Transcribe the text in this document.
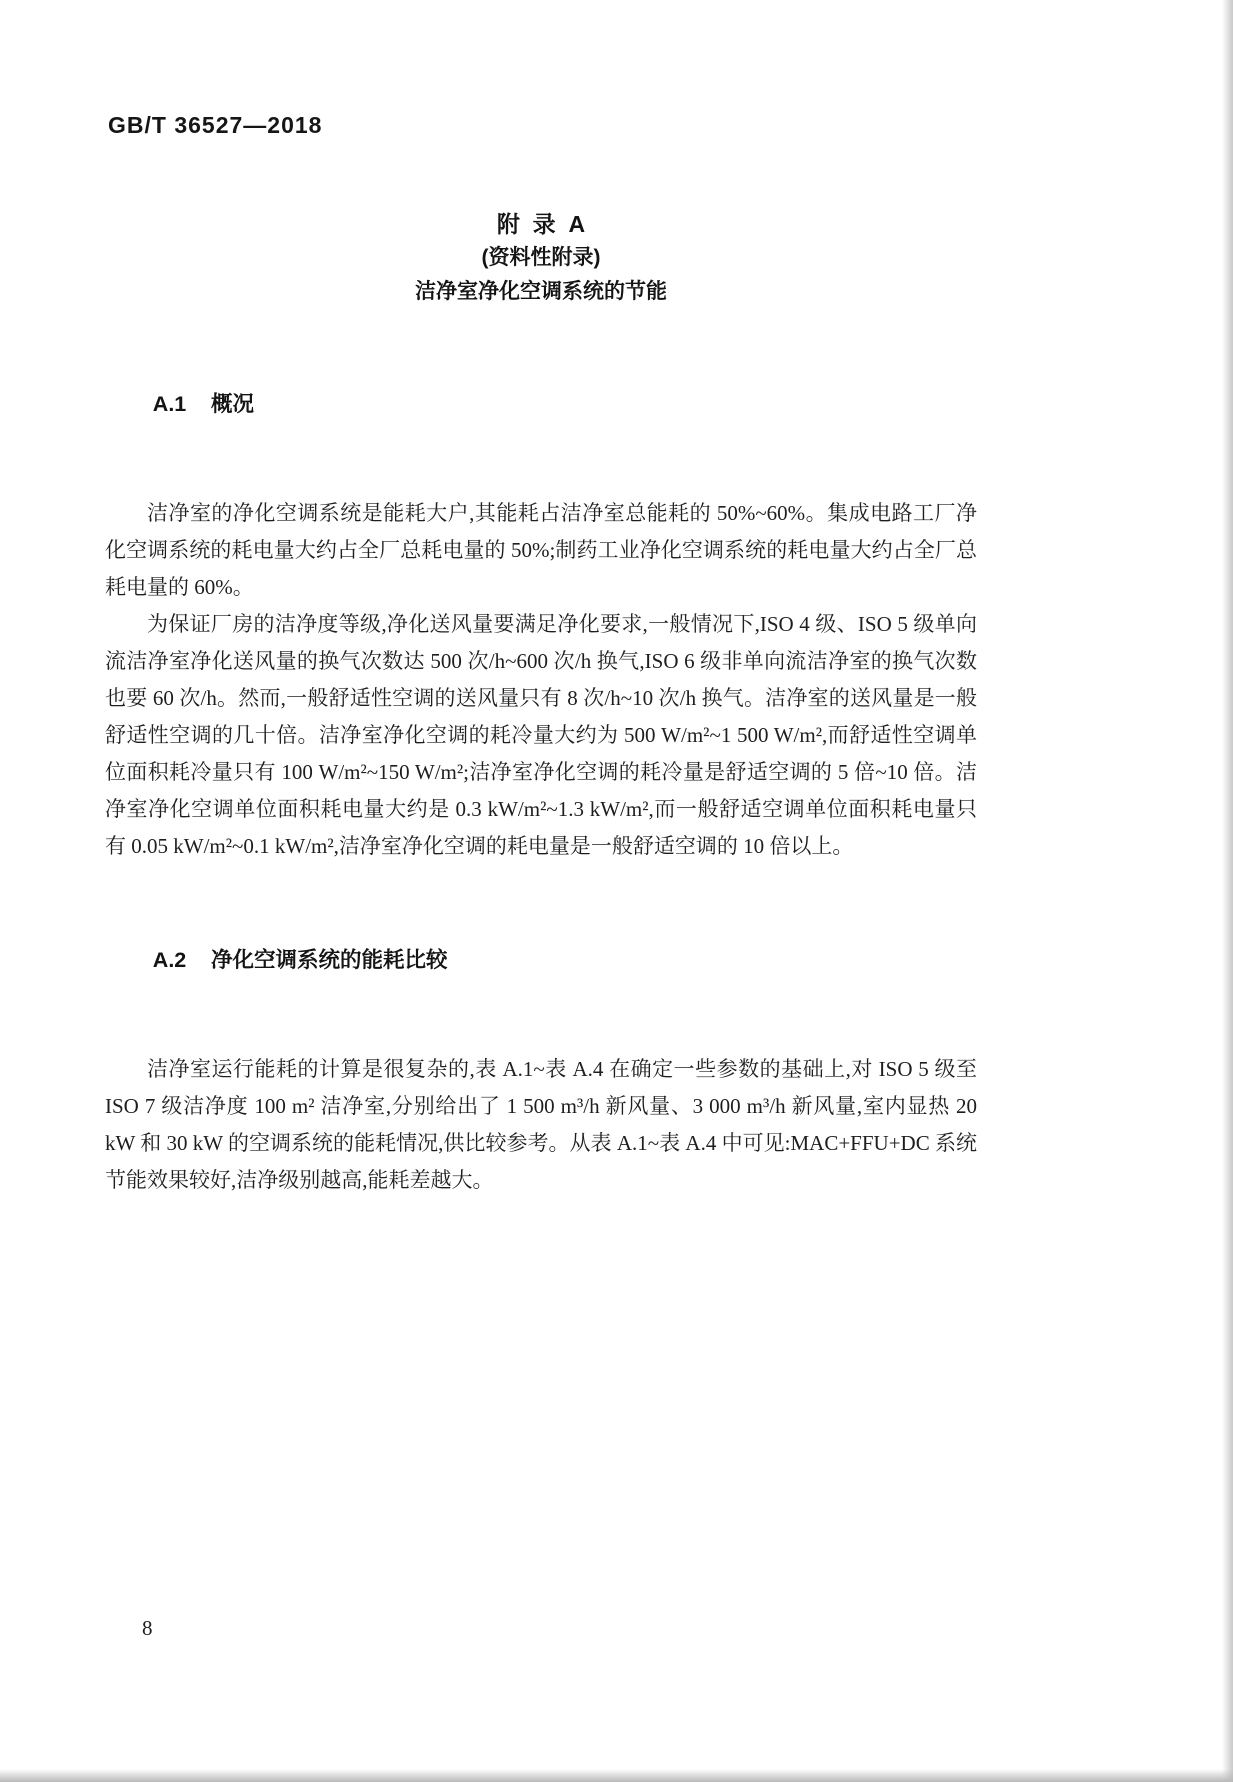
GB/T 36527—2018
附  录  A
(资料性附录)
洁净室净化空调系统的节能

A.1 概况

洁净室的净化空调系统是能耗大户,其能耗占洁净室总能耗的 50%~60%。集成电路工厂净化空调系统的耗电量大约占全厂总耗电量的 50%;制药工业净化空调系统的耗电量大约占全厂总耗电量的 60%。

为保证厂房的洁净度等级,净化送风量要满足净化要求,一般情况下,ISO 4 级、ISO 5 级单向流洁净室净化送风量的换气次数达 500 次/h~600 次/h 换气,ISO 6 级非单向流洁净室的换气次数也要 60 次/h。然而,一般舒适性空调的送风量只有 8 次/h~10 次/h 换气。洁净室的送风量是一般舒适性空调的几十倍。洁净室净化空调的耗冷量大约为 500 W/m²~1 500 W/m²,而舒适性空调单位面积耗冷量只有 100 W/m²~150 W/m²;洁净室净化空调的耗冷量是舒适空调的 5 倍~10 倍。洁净室净化空调单位面积耗电量大约是 0.3 kW/m²~1.3 kW/m²,而一般舒适空调单位面积耗电量只有 0.05 kW/m²~0.1 kW/m²,洁净室净化空调的耗电量是一般舒适空调的 10 倍以上。

A.2 净化空调系统的能耗比较

洁净室运行能耗的计算是很复杂的,表 A.1~表 A.4 在确定一些参数的基础上,对 ISO 5 级至 ISO 7 级洁净度 100 m² 洁净室,分别给出了 1 500 m³/h 新风量、3 000 m³/h 新风量,室内显热 20 kW 和 30 kW 的空调系统的能耗情况,供比较参考。从表 A.1~表 A.4 中可见:MAC+FFU+DC 系统节能效果较好,洁净级别越高,能耗差越大。

8
